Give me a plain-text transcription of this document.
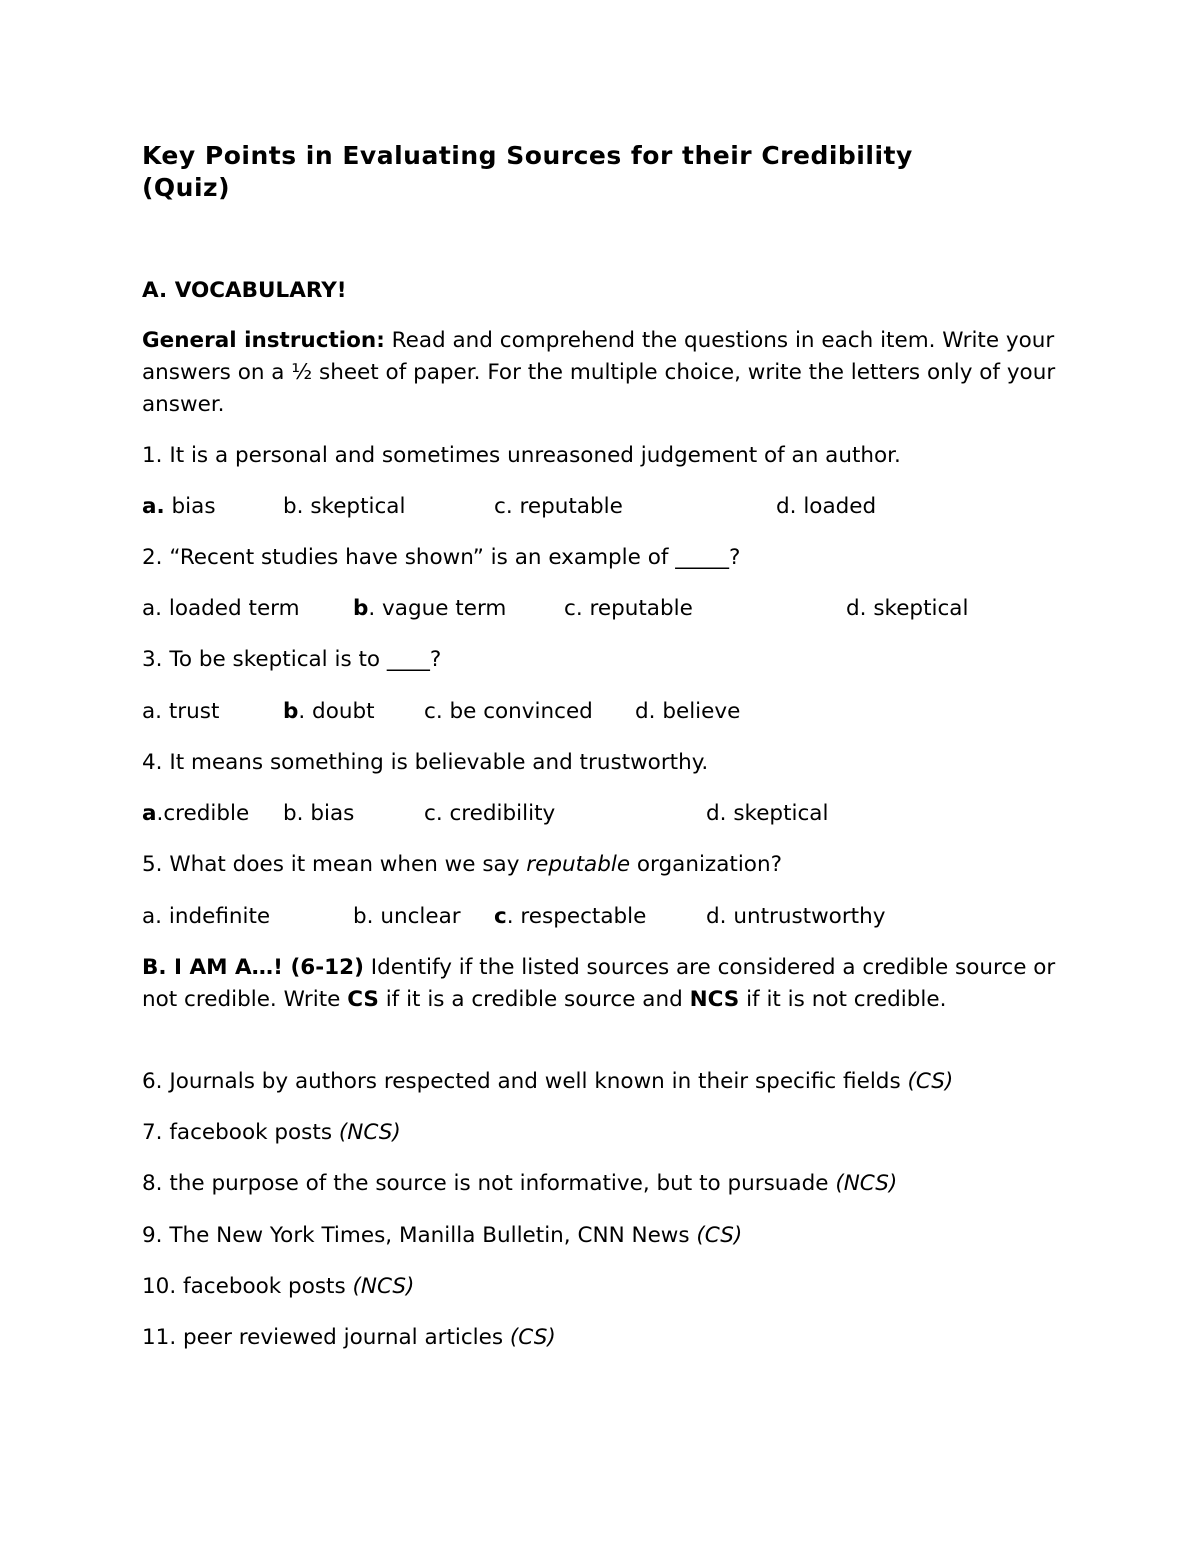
Key Points in Evaluating Sources for their Credibility
(Quiz)
A. VOCABULARY!
General instruction: Read and comprehend the questions in each item. Write your answers on a ½ sheet of paper. For the multiple choice, write the letters only of your answer.
1. It is a personal and sometimes unreasoned judgement of an author.
a. bias	b. skeptical	c. reputable	d. loaded
2. “Recent studies have shown” is an example of _____?
a. loaded term b. vague term	c. reputable	d. skeptical
3. To be skeptical is to ____?
a. trust	b. doubt c. be convinced d. believe
4. It means something is believable and trustworthy.
a.credible b. bias	c. credibility	d. skeptical
5. What does it mean when we say reputable organization?
a. indefinite	b. unclear c. respectable	d. untrustworthy
B. I AM A…! (6-12) Identify if the listed sources are considered a credible source or not credible. Write CS if it is a credible source and NCS if it is not credible.
6. Journals by authors respected and well known in their specific fields (CS)
7. facebook posts (NCS)
8. the purpose of the source is not informative, but to pursuade (NCS)
9. The New York Times, Manilla Bulletin, CNN News (CS)
10. facebook posts (NCS)
11. peer reviewed journal articles (CS)
